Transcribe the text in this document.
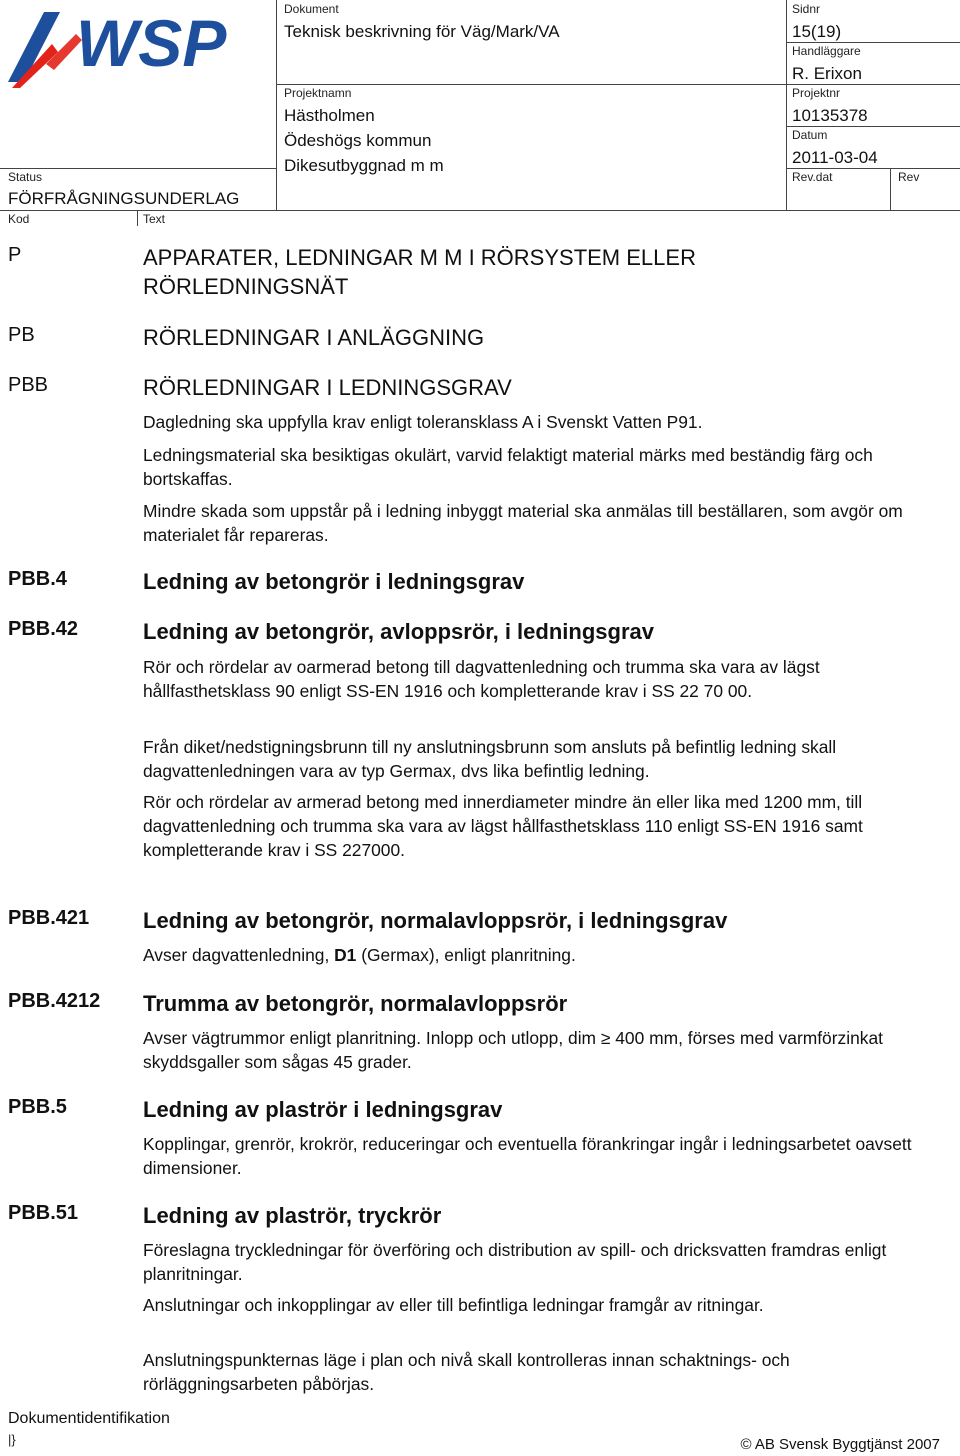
WSP	Dokument
Teknisk beskrivning för Väg/Mark/VA
Sidnr
15(19)
Handläggare
R. Erixon
Projektnamn
Hästholmen
Ödeshögs kommun
Dikesutbyggnad m m
Projektnr
10135378
Datum
2011-03-04
Status
FÖRFRÅGNINGSUNDERLAG
Rev.dat	Rev
Kod	Text
P	APPARATER, LEDNINGAR M M I RÖRSYSTEM ELLER
RÖRLEDNINGSNÄT
PB	RÖRLEDNINGAR I ANLÄGGNING
PBB	RÖRLEDNINGAR I LEDNINGSGRAV

Dagledning ska uppfylla krav enligt toleransklass A i Svenskt Vatten P91.

Ledningsmaterial ska besiktigas okulärt, varvid felaktigt material märks med beständig färg och bortskaffas.

Mindre skada som uppstår på i ledning inbyggt material ska anmälas till beställaren, som avgör om materialet får repareras.

PBB.4	Ledning av betongrör i ledningsgrav
PBB.42	Ledning av betongrör, avloppsrör, i ledningsgrav

Rör och rördelar av oarmerad betong till dagvattenledning och trumma ska vara av lägst hållfasthetsklass 90 enligt SS-EN 1916 och kompletterande krav i SS 22 70 00.

Från diket/nedstigningsbrunn till ny anslutningsbrunn som ansluts på befintlig ledning skall dagvattenledningen vara av typ Germax, dvs lika befintlig ledning.

Rör och rördelar av armerad betong med innerdiameter mindre än eller lika med 1200 mm, till dagvattenledning och trumma ska vara av lägst hållfasthetsklass 110 enligt SS-EN 1916 samt kompletterande krav i SS 227000.

PBB.421 Ledning av betongrör, normalavloppsrör, i ledningsgrav

Avser dagvattenledning, D1 (Germax), enligt planritning.

PBB.4212 Trumma av betongrör, normalavloppsrör

Avser vägtrummor enligt planritning. Inlopp och utlopp, dim ≥ 400 mm, förses med varmförzinkat skyddsgaller som sågas 45 grader.

PBB.5	Ledning av plaströr i ledningsgrav

Kopplingar, grenrör, krokrör, reduceringar och eventuella förankringar ingår i ledningsarbetet oavsett dimensioner.

PBB.51	Ledning av plaströr, tryckrör

Föreslagna tryckledningar för överföring och distribution av spill- och dricksvatten framdras enligt planritningar.

Anslutningar och inkopplingar av eller till befintliga ledningar framgår av ritningar.

Anslutningspunkternas läge i plan och nivå skall kontrolleras innan schaktnings- och rörläggningsarbeten påbörjas.

Dokumentidentifikation
|}	© AB Svensk Byggtjänst 2007
